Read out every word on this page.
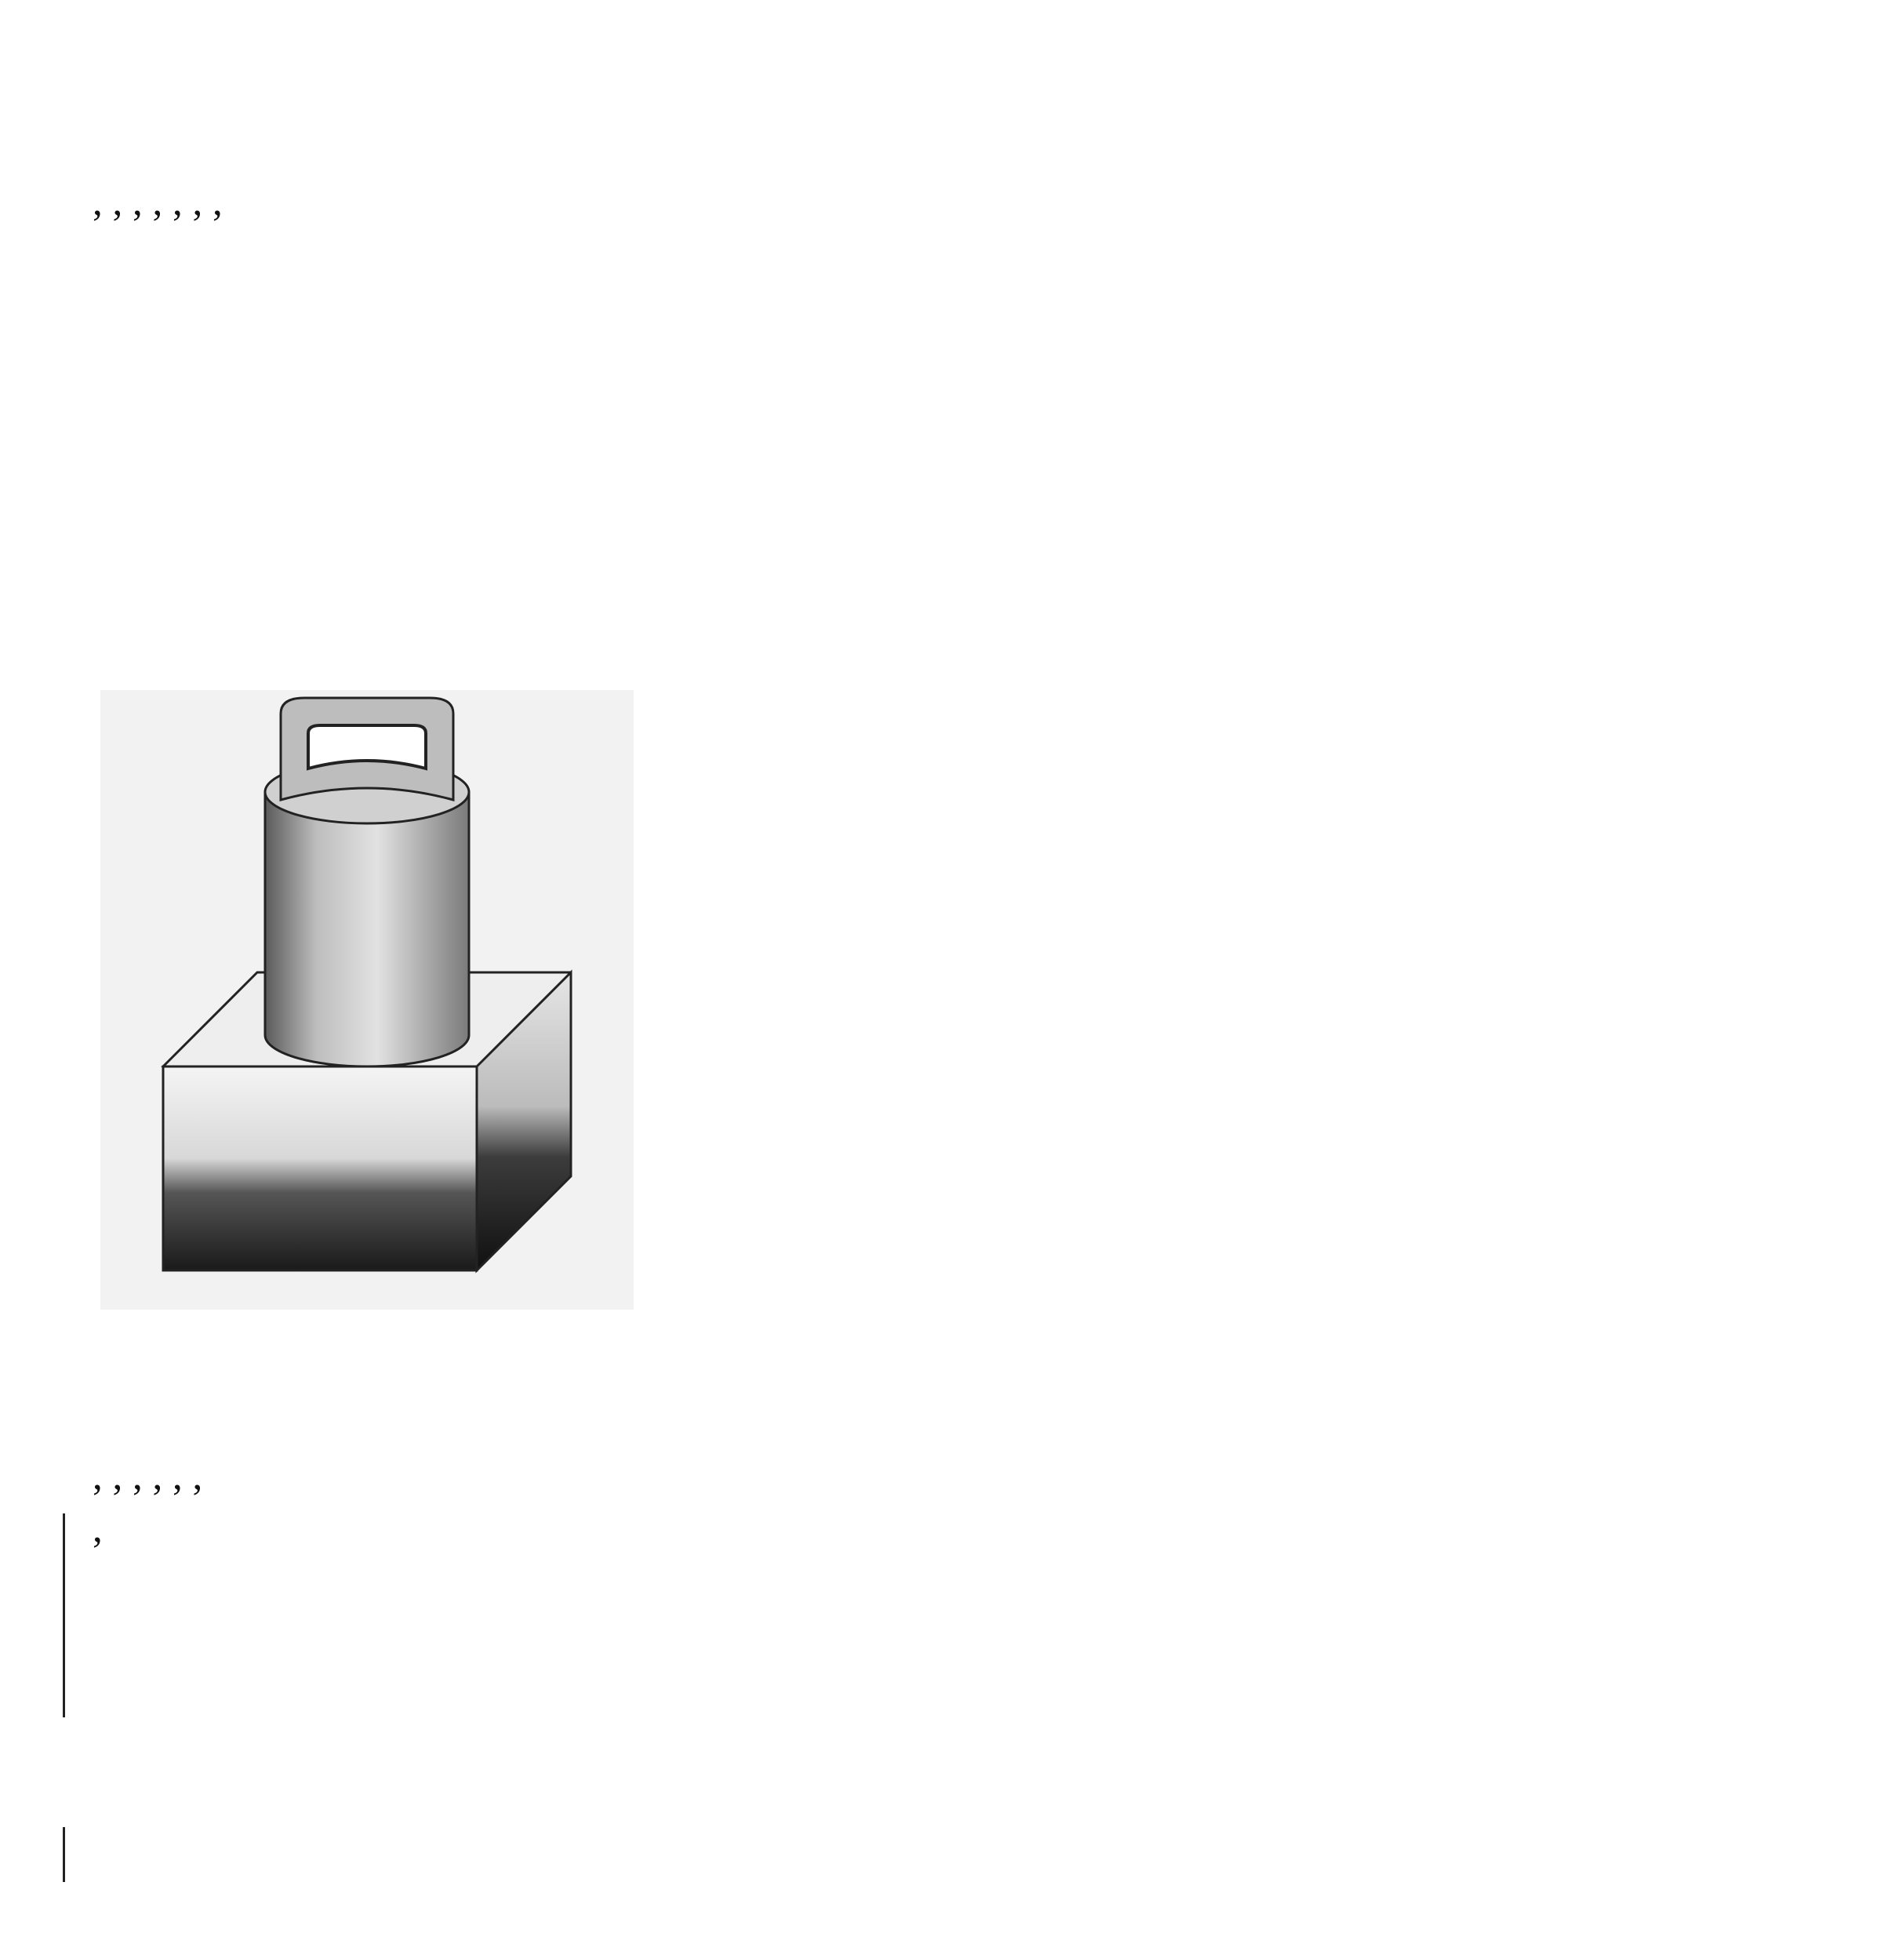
, , , , , , ,

, , , , , ,

,
